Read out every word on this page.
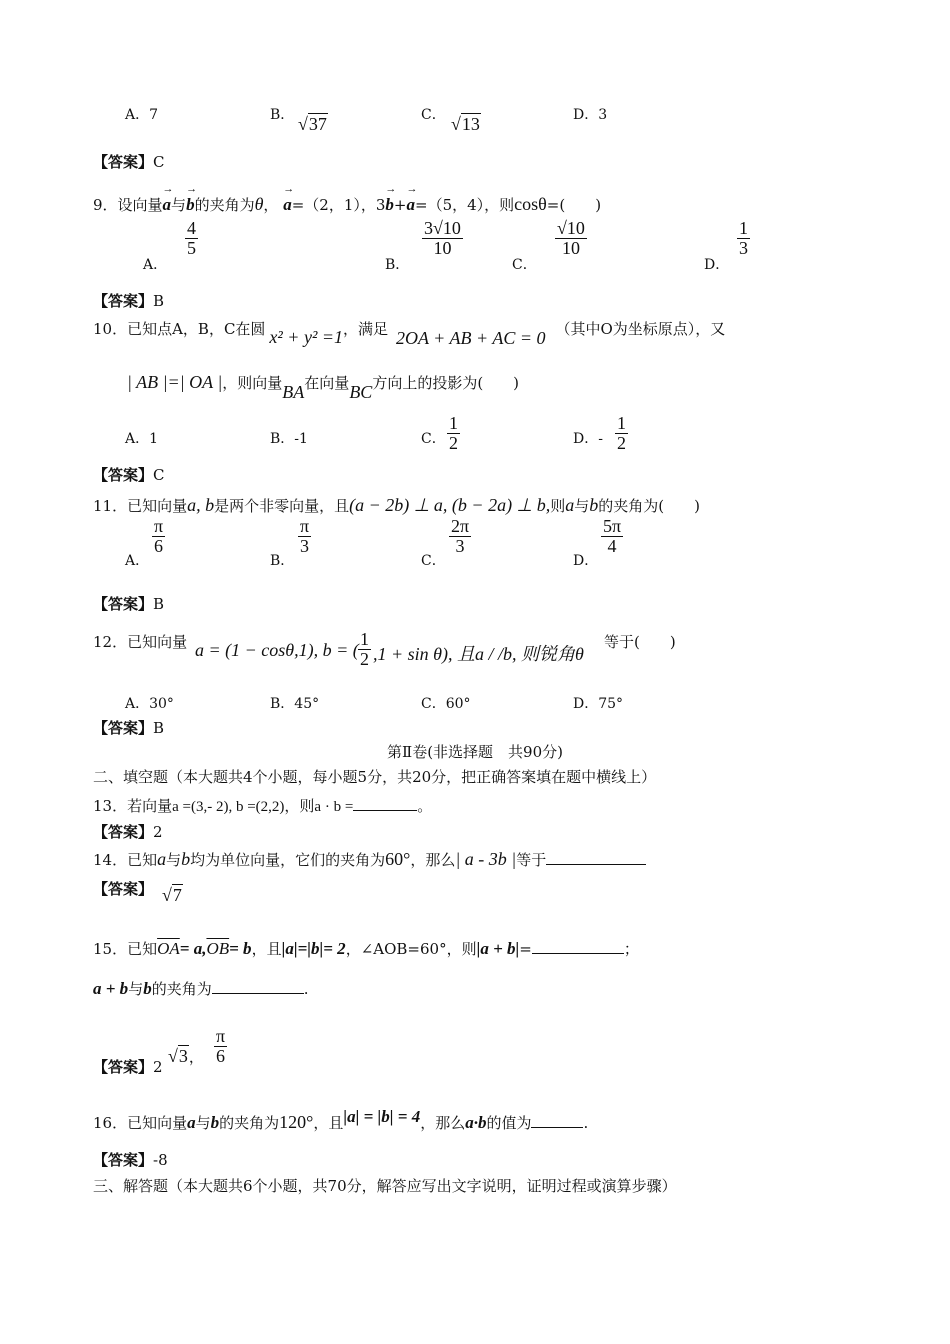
A．7	B． √37	C． √13	D．3
【答案】C
9．设向量→ a与→ b的夹角为θ， → a=（2，1），3→ b+→ a=（5，4），则cosθ=(　　)
A．
$\frac{4}{5}$
B．
$\frac{3√10}{10}$
C．
$\frac{√10}{10}$
D．
$\frac{1}{3}$
【答案】B
10．已知点A，B，C在圆 x² + y² =1，满足 2OA + AB + AC = 0 （其中O为坐标原点），又
| AB |=| OA |，则向量BA在向量BC方向上的投影为(　　)
A．1	B．-1	C． $\frac{1}{2}$	D．- $\frac{1}{2}$
【答案】C
11．已知向量a, b是两个非零向量，且(a − 2b) ⊥ a, (b − 2a) ⊥ b,则a与b的夹角为(　　)
A．
$\frac{\pi}{6}$
B．
$\frac{\pi}{3}$
C．
$\frac{2\pi}{3}$
D．
$\frac{5\pi}{4}$
【答案】B
12．已知向量 a = (1 − cosθ,1), b = ( $\frac{1}{2} ,1 + \sin \theta$), 且a / /b, 则锐角θ
等于(　　)
A．30°	B．45°	C．60°	D．75°
【答案】B
第Ⅱ卷(非选择题　共90分)
二、填空题（本大题共4个小题，每小题5分，共20分，把正确答案填在题中横线上）
13．若向量a =(3,- 2), b =(2,2)，则a · b =	。
【答案】2
14．已知a与b均为单位向量，它们的夹角为60°，那么| a - 3b |等于
【答案】 √7
15．已知$\overline{OA}= a,\overline{OB}= b$，且|a|=|b|= 2，∠AOB=60°，则|a + b|=	；
a + b与b的夹角为	.
【答案】2
√3， $\frac{\pi}{6}$
16．已知向量a与b的夹角为120°，且|a| = |b| = 4，那么a·b的值为	.
【答案】-8
三、解答题（本大题共6个小题，共70分，解答应写出文字说明，证明过程或演算步骤）
